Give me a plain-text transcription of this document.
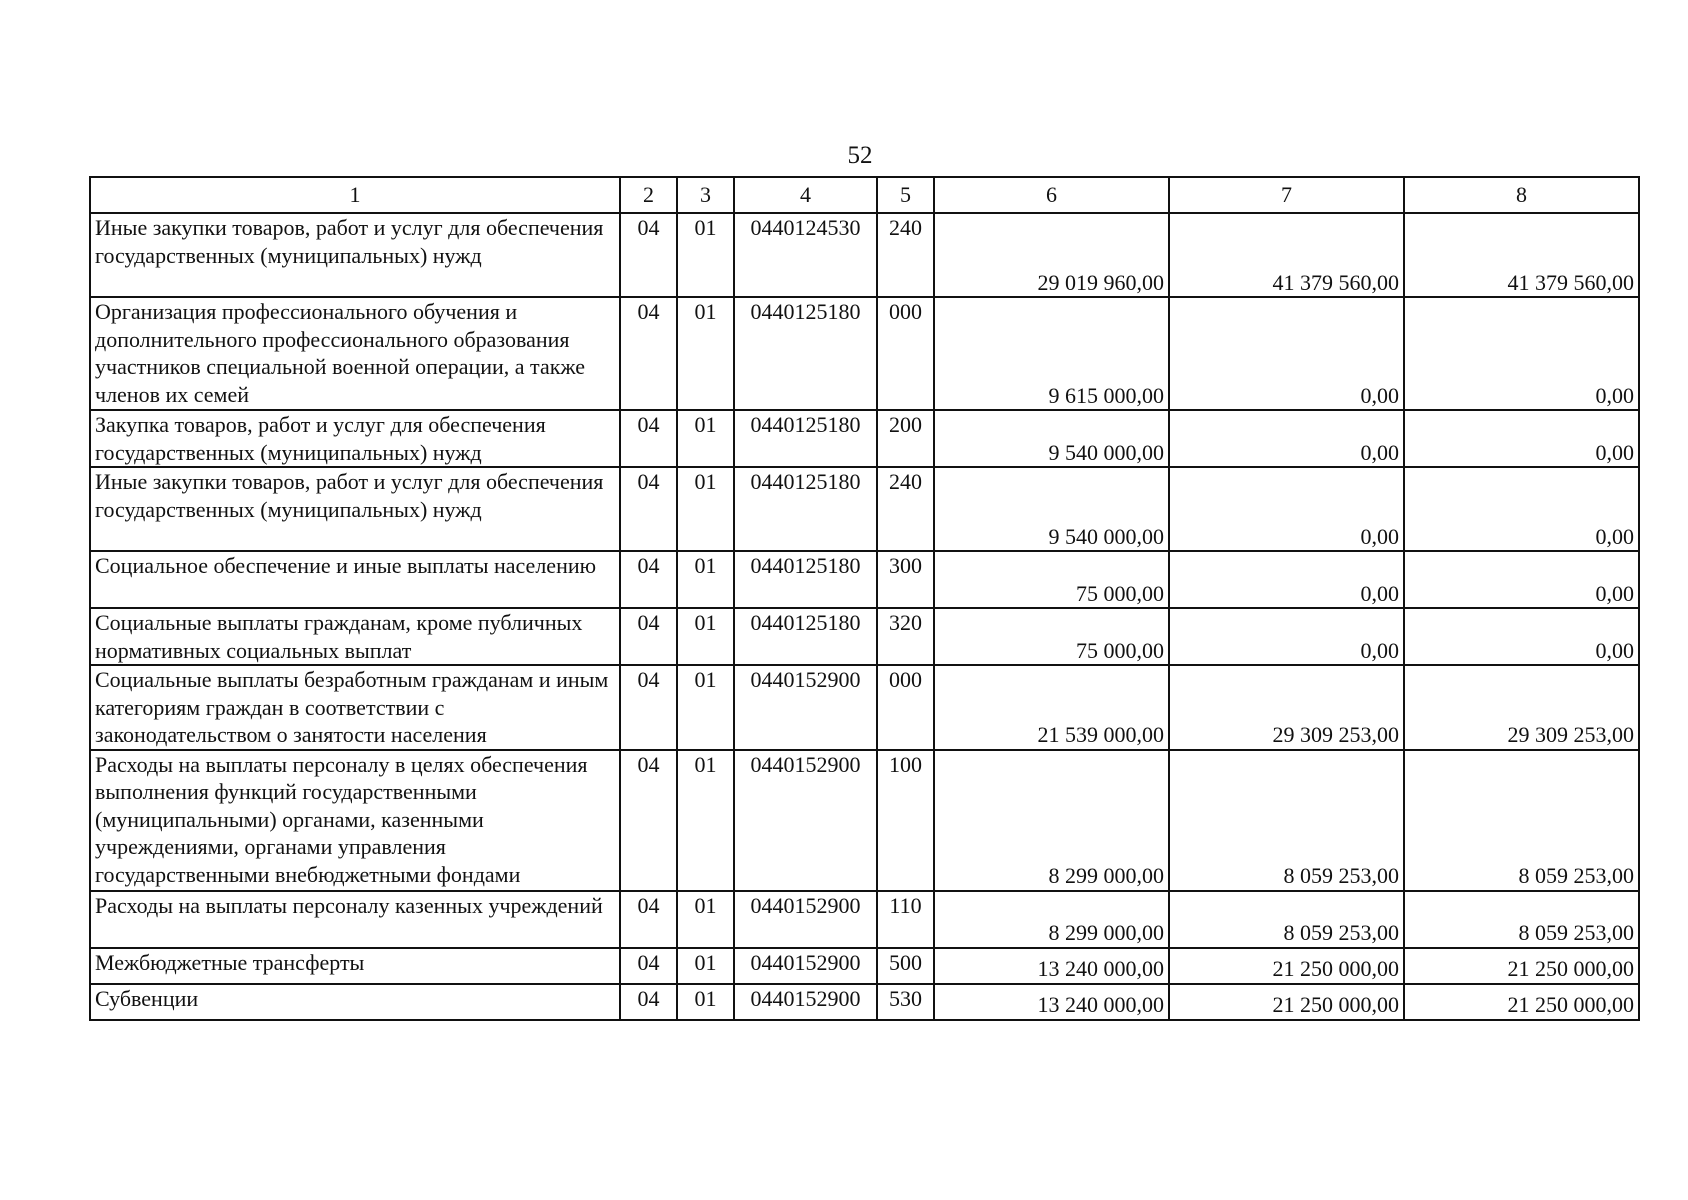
52
1	2	3	4	5	6	7	8
Иные закупки товаров, работ и услуг для обеспечения государственных (муниципальных) нужд	04	01	0440124530	240	29 019 960,00	41 379 560,00	41 379 560,00
Организация профессионального обучения и дополнительного профессионального образования участников специальной военной операции, а также членов их семей	04	01	0440125180	000	9 615 000,00	0,00	0,00
Закупка товаров, работ и услуг для обеспечения государственных (муниципальных) нужд	04	01	0440125180	200	9 540 000,00	0,00	0,00
Иные закупки товаров, работ и услуг для обеспечения государственных (муниципальных) нужд	04	01	0440125180	240	9 540 000,00	0,00	0,00
Социальное обеспечение и иные выплаты населению	04	01	0440125180	300	75 000,00	0,00	0,00
Социальные выплаты гражданам, кроме публичных нормативных социальных выплат	04	01	0440125180	320	75 000,00	0,00	0,00
Социальные выплаты безработным гражданам и иным категориям граждан в соответствии с законодательством о занятости населения	04	01	0440152900	000	21 539 000,00	29 309 253,00	29 309 253,00
Расходы на выплаты персоналу в целях обеспечения выполнения функций государственными (муниципальными) органами, казенными учреждениями, органами управления государственными внебюджетными фондами	04	01	0440152900	100	8 299 000,00	8 059 253,00	8 059 253,00
Расходы на выплаты персоналу казенных учреждений	04	01	0440152900	110	8 299 000,00	8 059 253,00	8 059 253,00
Межбюджетные трансферты	04	01	0440152900	500	13 240 000,00	21 250 000,00	21 250 000,00
Субвенции	04	01	0440152900	530	13 240 000,00	21 250 000,00	21 250 000,00
